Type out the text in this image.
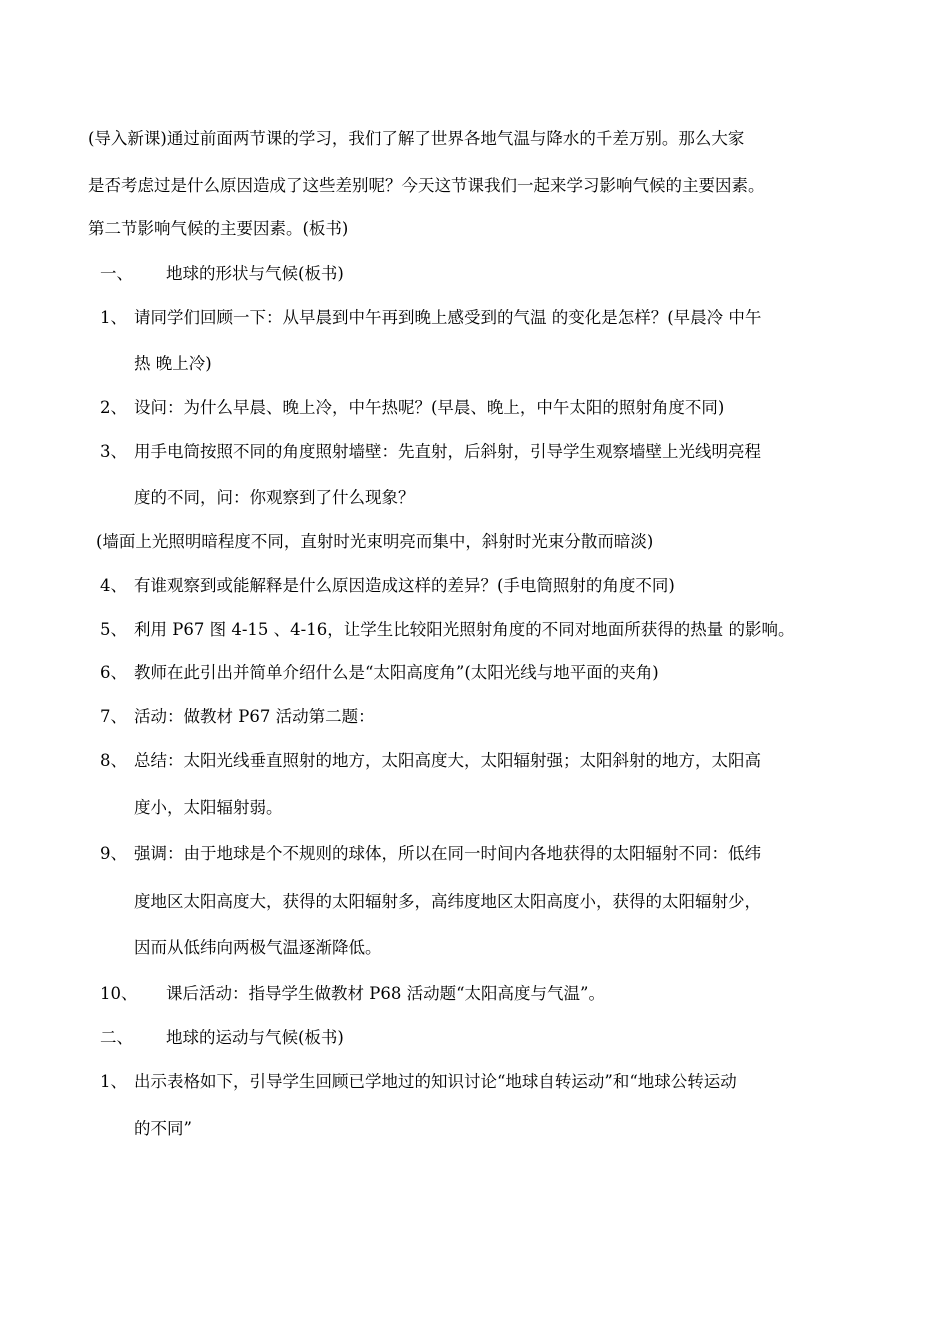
(导入新课)通过前面两节课的学习，我们了解了世界各地气温与降水的千差万别。那么大家
是否考虑过是什么原因造成了这些差别呢？今天这节课我们一起来学习影响气候的主要因素。
第二节影响气候的主要因素。(板书)
一、 地球的形状与气候(板书)
1、 请同学们回顾一下：从早晨到中午再到晚上感受到的气温 的变化是怎样？(早晨冷 中午
热 晚上冷)
2、 设问：为什么早晨、晚上冷，中午热呢？(早晨、晚上，中午太阳的照射角度不同)
3、 用手电筒按照不同的角度照射墙壁：先直射，后斜射，引导学生观察墙壁上光线明亮程
度的不同，问：你观察到了什么现象？
(墙面上光照明暗程度不同，直射时光束明亮而集中，斜射时光束分散而暗淡)
4、 有谁观察到或能解释是什么原因造成这样的差异？(手电筒照射的角度不同)
5、 利用 P67 图 4-15 、4-16，让学生比较阳光照射角度的不同对地面所获得的热量 的影响。
6、 教师在此引出并简单介绍什么是“太阳高度角”(太阳光线与地平面的夹角)
7、 活动：做教材 P67 活动第二题：
8、 总结：太阳光线垂直照射的地方，太阳高度大，太阳辐射强；太阳斜射的地方，太阳高
度小，太阳辐射弱。
9、 强调：由于地球是个不规则的球体，所以在同一时间内各地获得的太阳辐射不同：低纬
度地区太阳高度大，获得的太阳辐射多，高纬度地区太阳高度小，获得的太阳辐射少，
因而从低纬向两极气温逐渐降低。
10、 课后活动：指导学生做教材 P68 活动题“太阳高度与气温”。
二、 地球的运动与气候(板书)
1、 出示表格如下，引导学生回顾已学地过的知识讨论“地球自转运动”和“地球公转运动
的不同”
